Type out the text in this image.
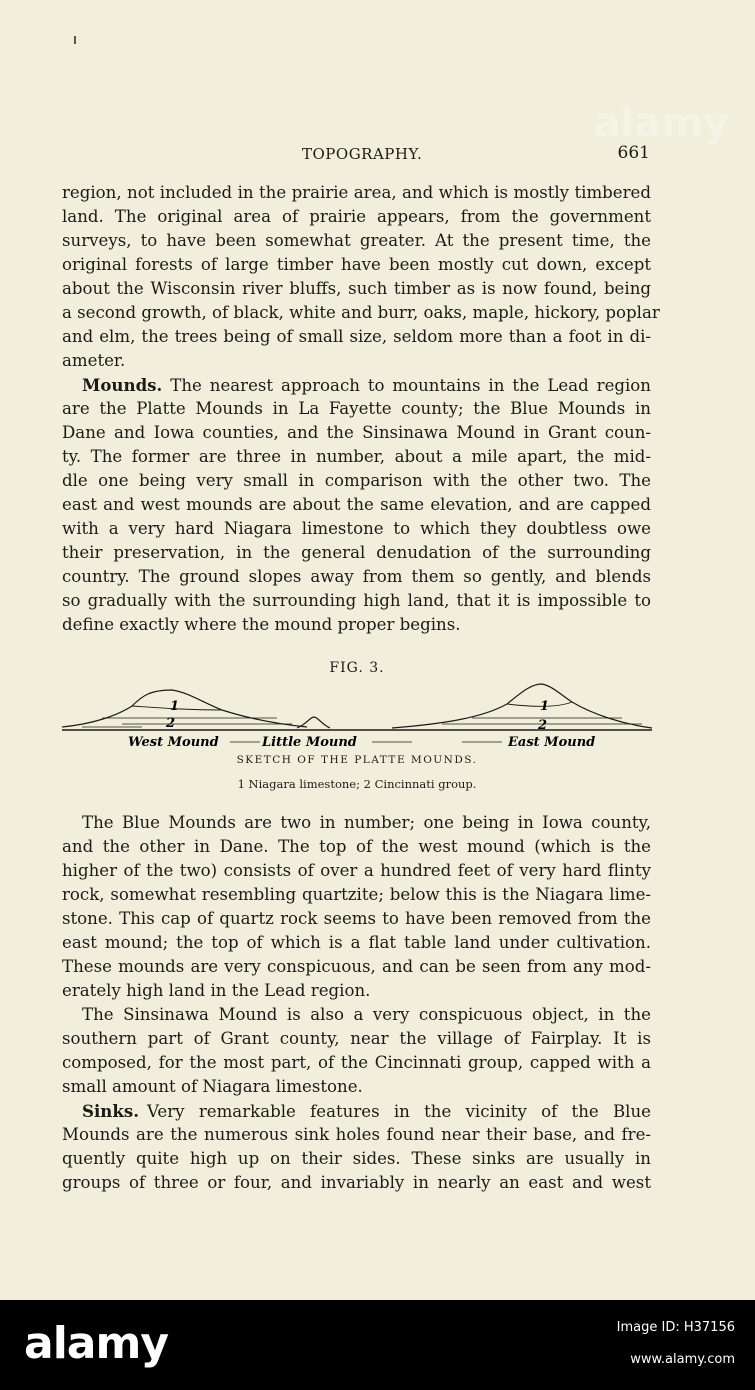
alamy
TOPOGRAPHY.	661
region, not included in the prairie area, and which is mostly timbered
land. The original area of prairie appears, from the government
surveys, to have been somewhat greater. At the present time, the
original forests of large timber have been mostly cut down, except
about the Wisconsin river bluffs, such timber as is now found, being
a second growth, of black, white and burr, oaks, maple, hickory, poplar
and elm, the trees being of small size, seldom more than a foot in di-
ameter.
Mounds. The nearest approach to mountains in the Lead region
are the Platte Mounds in La Fayette county; the Blue Mounds in
Dane and Iowa counties, and the Sinsinawa Mound in Grant coun-
ty. The former are three in number, about a mile apart, the mid-
dle one being very small in comparison with the other two. The
east and west mounds are about the same elevation, and are capped
with a very hard Niagara limestone to which they doubtless owe
their preservation, in the general denudation of the surrounding
country. The ground slopes away from them so gently, and blends
so gradually with the surrounding high land, that it is impossible to
define exactly where the mound proper begins.
FIG. 3.
1
2
1
2
West Mound	Little Mound	East Mound
SKETCH OF THE PLATTE MOUNDS.
1 Niagara limestone; 2 Cincinnati group.
The Blue Mounds are two in number; one being in Iowa county,
and the other in Dane. The top of the west mound (which is the
higher of the two) consists of over a hundred feet of very hard flinty
rock, somewhat resembling quartzite; below this is the Niagara lime-
stone. This cap of quartz rock seems to have been removed from the
east mound; the top of which is a flat table land under cultivation.
These mounds are very conspicuous, and can be seen from any mod-
erately high land in the Lead region.
The Sinsinawa Mound is also a very conspicuous object, in the
southern part of Grant county, near the village of Fairplay. It is
composed, for the most part, of the Cincinnati group, capped with a
small amount of Niagara limestone.
Sinks. Very remarkable features in the vicinity of the Blue
Mounds are the numerous sink holes found near their base, and fre-
quently quite high up on their sides. These sinks are usually in
groups of three or four, and invariably in nearly an east and west
alamy	Image ID: H37156
www.alamy.com
